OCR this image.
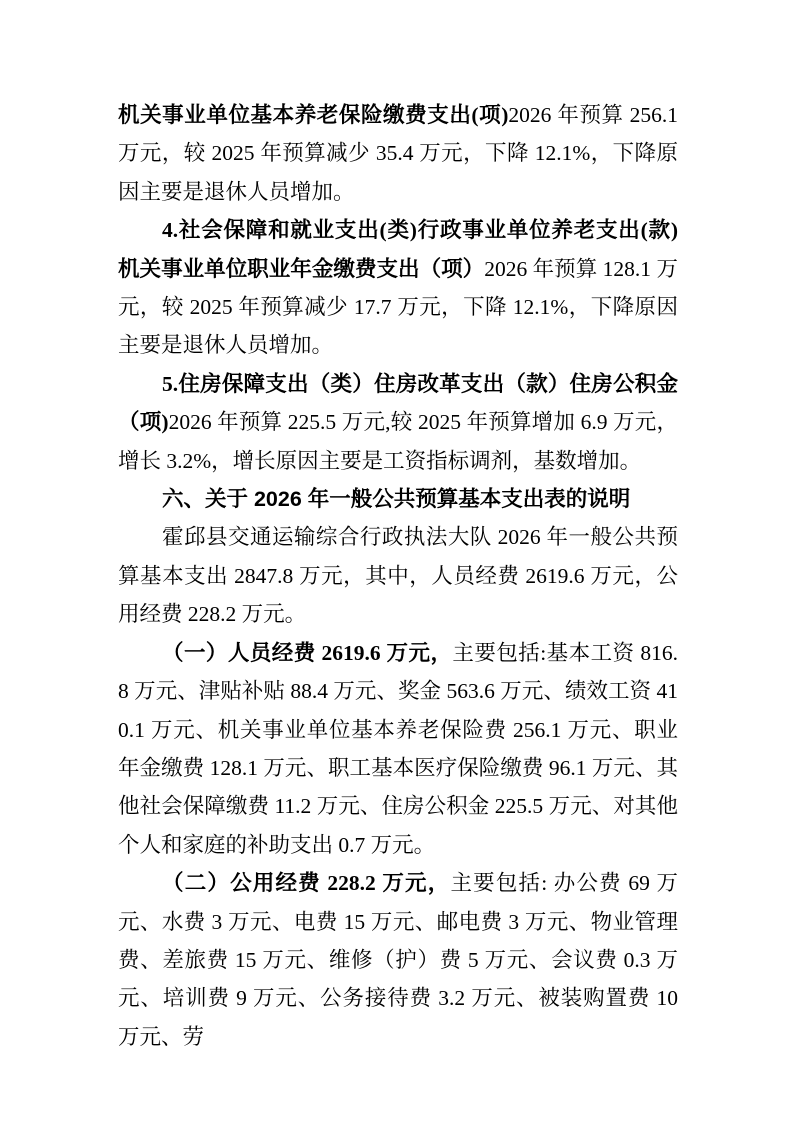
机关事业单位基本养老保险缴费支出(项)2026 年预算 256.1 万元，较 2025 年预算减少 35.4 万元，下降 12.1%，下降原因主要是退休人员增加。

4.社会保障和就业支出(类)行政事业单位养老支出(款)机关事业单位职业年金缴费支出（项）2026 年预算 128.1 万元，较 2025 年预算减少 17.7 万元，下降 12.1%，下降原因主要是退休人员增加。

5.住房保障支出（类）住房改革支出（款）住房公积金（项)2026 年预算 225.5 万元,较 2025 年预算增加 6.9 万元，增长 3.2%，增长原因主要是工资指标调剂，基数增加。

六、关于 2026 年一般公共预算基本支出表的说明

霍邱县交通运输综合行政执法大队 2026 年一般公共预算基本支出 2847.8 万元，其中，人员经费 2619.6 万元，公用经费 228.2 万元。

（一）人员经费 2619.6 万元，主要包括:基本工资 816.8 万元、津贴补贴 88.4 万元、奖金 563.6 万元、绩效工资 410.1 万元、机关事业单位基本养老保险费 256.1 万元、职业年金缴费 128.1 万元、职工基本医疗保险缴费 96.1 万元、其他社会保障缴费 11.2 万元、住房公积金 225.5 万元、对其他个人和家庭的补助支出 0.7 万元。

（二）公用经费 228.2 万元，主要包括: 办公费 69 万元、水费 3 万元、电费 15 万元、邮电费 3 万元、物业管理费、差旅费 15 万元、维修（护）费 5 万元、会议费 0.3 万元、培训费 9 万元、公务接待费 3.2 万元、被装购置费 10 万元、劳
